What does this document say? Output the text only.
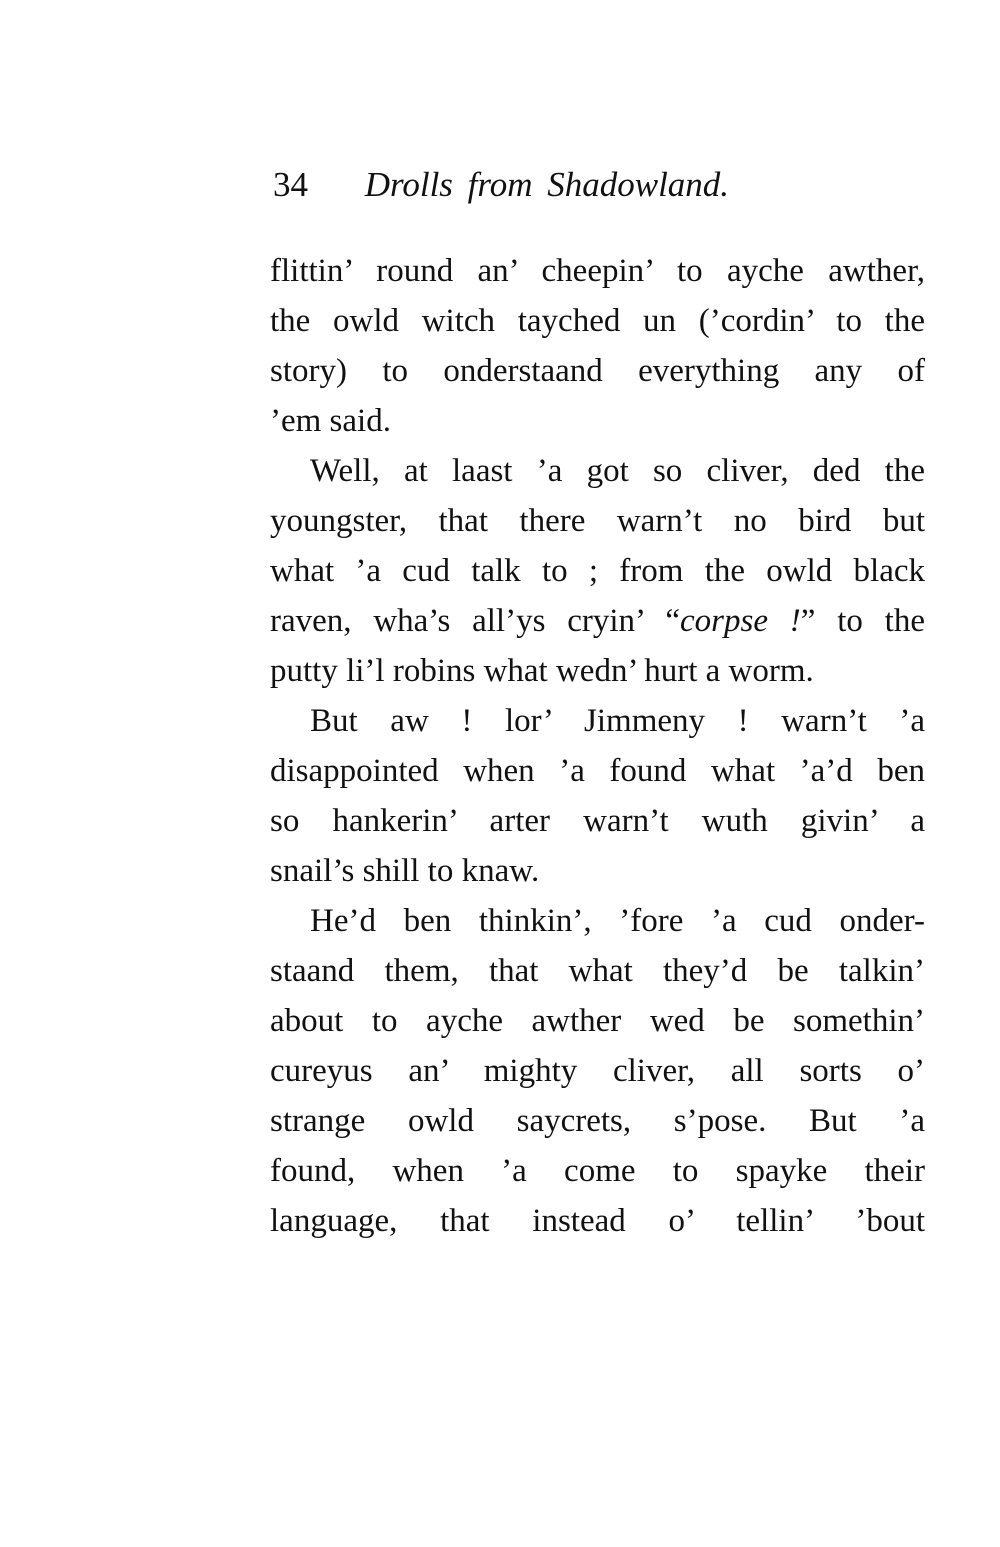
34 Drolls from Shadowland.
flittin’ round an’ cheepin’ to ayche awther,
the owld witch tayched un (’cordin’ to the
story) to onderstaand everything any of
’em said.
Well, at laast ’a got so cliver, ded the
youngster, that there warn’t no bird but
what ’a cud talk to ; from the owld black
raven, wha’s all’ys cryin’ “corpse !” to the
putty li’l robins what wedn’ hurt a worm.
But aw ! lor’ Jimmeny ! warn’t ’a
disappointed when ’a found what ’a’d ben
so hankerin’ arter warn’t wuth givin’ a
snail’s shill to knaw.
He’d ben thinkin’, ’fore ’a cud onder-
staand them, that what they’d be talkin’
about to ayche awther wed be somethin’
cureyus an’ mighty cliver, all sorts o’
strange owld saycrets, s’pose. But ’a
found, when ’a come to spayke their
language, that instead o’ tellin’ ’bout
